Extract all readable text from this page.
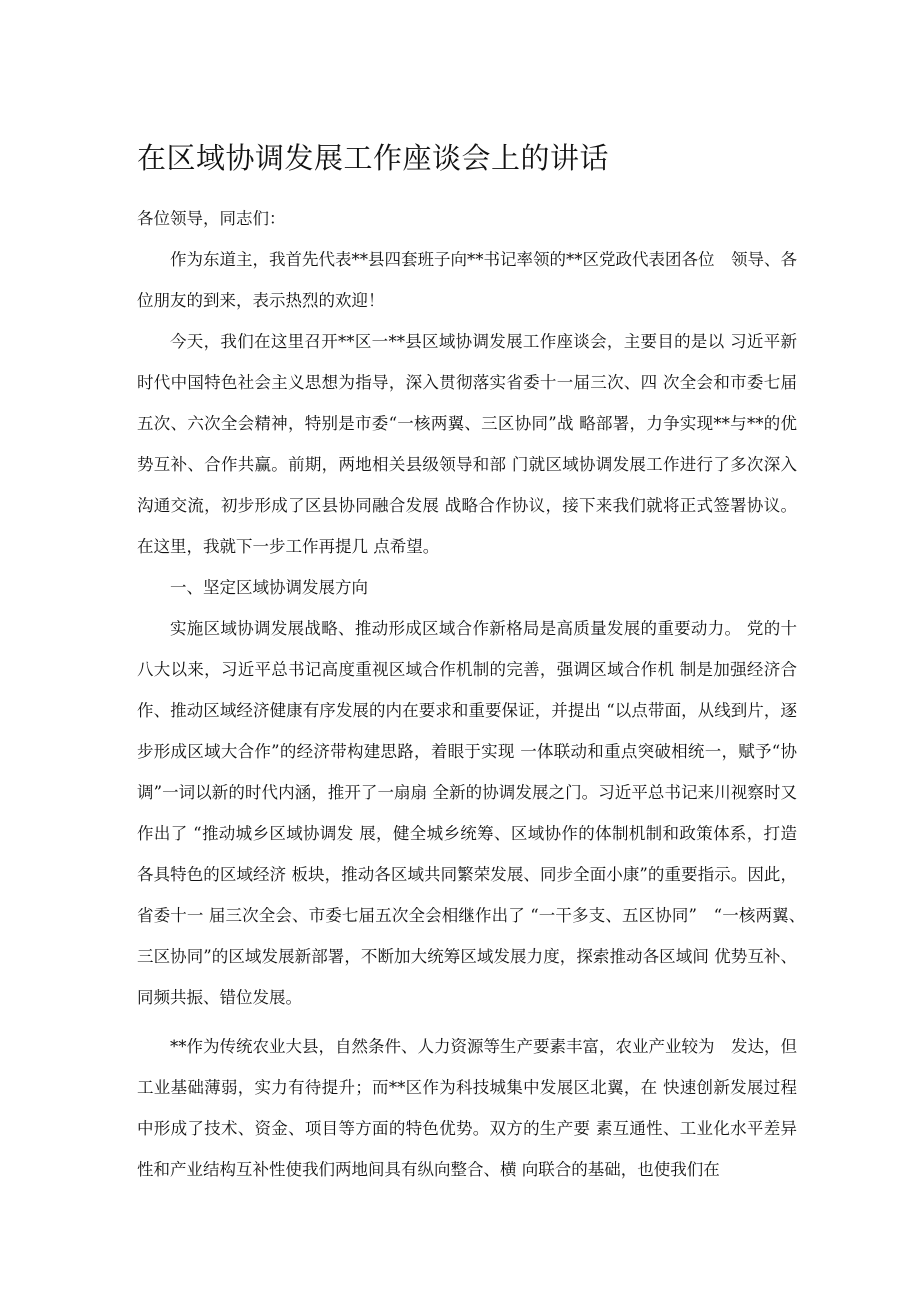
在区域协调发展工作座谈会上的讲话

各位领导，同志们：

作为东道主，我首先代表**县四套班子向**书记率领的**区党政代表团各位　领导、各位朋友的到来，表示热烈的欢迎！

今天，我们在这里召开**区一**县区域协调发展工作座谈会，主要目的是以 习近平新时代中国特色社会主义思想为指导，深入贯彻落实省委十一届三次、四 次全会和市委七届五次、六次全会精神，特别是市委“一核两翼、三区协同”战 略部署，力争实现**与**的优势互补、合作共赢。前期，两地相关县级领导和部 门就区域协调发展工作进行了多次深入沟通交流，初步形成了区县协同融合发展 战略合作协议，接下来我们就将正式签署协议。在这里，我就下一步工作再提几 点希望。

一、坚定区域协调发展方向

实施区域协调发展战略、推动形成区域合作新格局是高质量发展的重要动力。 党的十八大以来，习近平总书记高度重视区域合作机制的完善，强调区域合作机 制是加强经济合作、推动区域经济健康有序发展的内在要求和重要保证，并提出 “以点带面，从线到片，逐步形成区域大合作”的经济带构建思路，着眼于实现 一体联动和重点突破相统一，赋予“协调”一词以新的时代内涵，推开了一扇扇 全新的协调发展之门。习近平总书记来川视察时又作出了 “推动城乡区域协调发 展，健全城乡统筹、区域协作的体制机制和政策体系，打造各具特色的区域经济 板块，推动各区域共同繁荣发展、同步全面小康”的重要指示。因此，省委十一 届三次全会、市委七届五次全会相继作出了 “一干多支、五区协同”　“一核两翼、　三区协同”的区域发展新部署，不断加大统筹区域发展力度，探索推动各区域间 优势互补、同频共振、错位发展。

**作为传统农业大县，自然条件、人力资源等生产要素丰富，农业产业较为　发达，但工业基础薄弱，实力有待提升；而**区作为科技城集中发展区北翼，在 快速创新发展过程中形成了技术、资金、项目等方面的特色优势。双方的生产要 素互通性、工业化水平差异性和产业结构互补性使我们两地间具有纵向整合、横 向联合的基础，也使我们在
